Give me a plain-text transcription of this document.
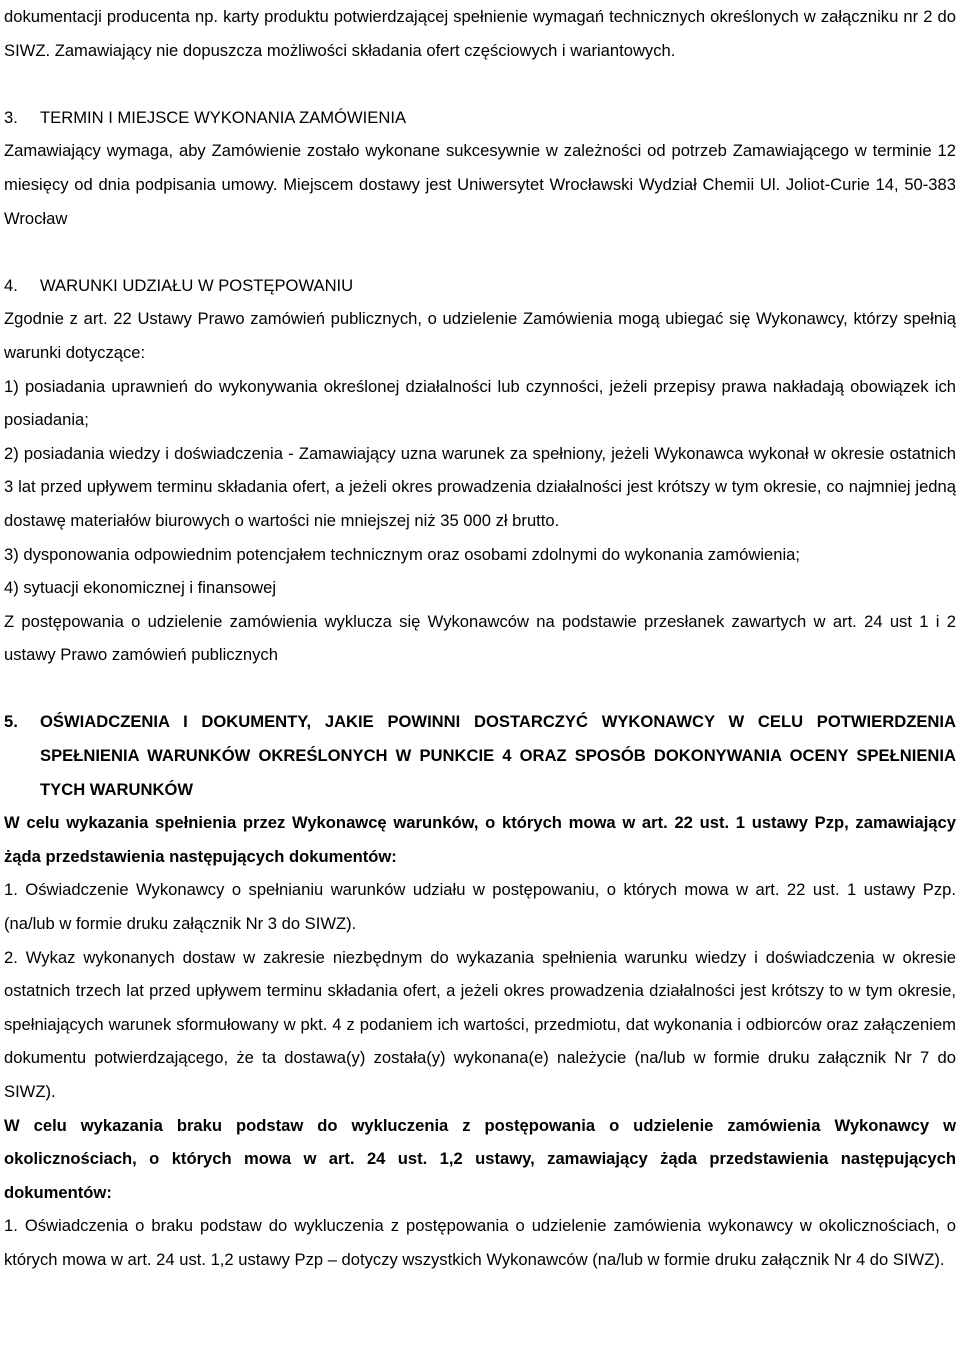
dokumentacji producenta np. karty produktu potwierdzającej spełnienie wymagań technicznych określonych w załączniku nr 2 do SIWZ. Zamawiający nie dopuszcza możliwości składania ofert częściowych i wariantowych.

3.	TERMIN I MIEJSCE WYKONANIA ZAMÓWIENIA

Zamawiający wymaga, aby Zamówienie zostało wykonane sukcesywnie w zależności od potrzeb Zamawiającego w terminie 12 miesięcy od dnia podpisania umowy. Miejscem dostawy jest Uniwersytet Wrocławski Wydział Chemii Ul. Joliot-Curie 14, 50-383 Wrocław

4.	WARUNKI UDZIAŁU W POSTĘPOWANIU

Zgodnie z art. 22 Ustawy Prawo zamówień publicznych, o udzielenie Zamówienia mogą ubiegać się Wykonawcy, którzy spełnią warunki dotyczące:

1) posiadania uprawnień do wykonywania określonej działalności lub czynności, jeżeli przepisy prawa nakładają obowiązek ich posiadania;

2) posiadania wiedzy i doświadczenia - Zamawiający uzna warunek za spełniony, jeżeli Wykonawca wykonał w okresie ostatnich 3 lat przed upływem terminu składania ofert, a jeżeli okres prowadzenia działalności jest krótszy w tym okresie, co najmniej jedną dostawę materiałów biurowych o wartości nie mniejszej niż 35 000 zł brutto.

3) dysponowania odpowiednim potencjałem technicznym oraz osobami zdolnymi do wykonania zamówienia;

4) sytuacji ekonomicznej i finansowej

Z postępowania o udzielenie zamówienia wyklucza się Wykonawców na podstawie przesłanek zawartych w art. 24 ust 1 i 2 ustawy Prawo zamówień publicznych

5.	OŚWIADCZENIA I DOKUMENTY, JAKIE POWINNI DOSTARCZYĆ WYKONAWCY W CELU POTWIERDZENIA SPEŁNIENIA WARUNKÓW OKREŚLONYCH W PUNKCIE 4 ORAZ SPOSÓB DOKONYWANIA OCENY SPEŁNIENIA TYCH WARUNKÓW

W celu wykazania spełnienia przez Wykonawcę warunków, o których mowa w art. 22 ust. 1 ustawy Pzp, zamawiający żąda przedstawienia następujących dokumentów:

1. Oświadczenie Wykonawcy o spełnianiu warunków udziału w postępowaniu, o których mowa w art. 22 ust. 1 ustawy Pzp. (na/lub w formie druku załącznik Nr 3 do SIWZ).

2. Wykaz wykonanych dostaw w zakresie niezbędnym do wykazania spełnienia warunku wiedzy i doświadczenia w okresie ostatnich trzech lat przed upływem terminu składania ofert, a jeżeli okres prowadzenia działalności jest krótszy to w tym okresie, spełniających warunek sformułowany w pkt. 4 z podaniem ich wartości, przedmiotu, dat wykonania i odbiorców oraz załączeniem dokumentu potwierdzającego, że ta dostawa(y) została(y) wykonana(e) należycie (na/lub w formie druku załącznik Nr 7 do SIWZ).

W celu wykazania braku podstaw do wykluczenia z postępowania o udzielenie zamówienia Wykonawcy w okolicznościach, o których mowa w art. 24 ust. 1,2 ustawy, zamawiający żąda przedstawienia następujących dokumentów:

1. Oświadczenia o braku podstaw do wykluczenia z postępowania o udzielenie zamówienia wykonawcy w okolicznościach, o których mowa w art. 24 ust. 1,2 ustawy Pzp – dotyczy wszystkich Wykonawców (na/lub w formie druku załącznik Nr 4 do SIWZ).
